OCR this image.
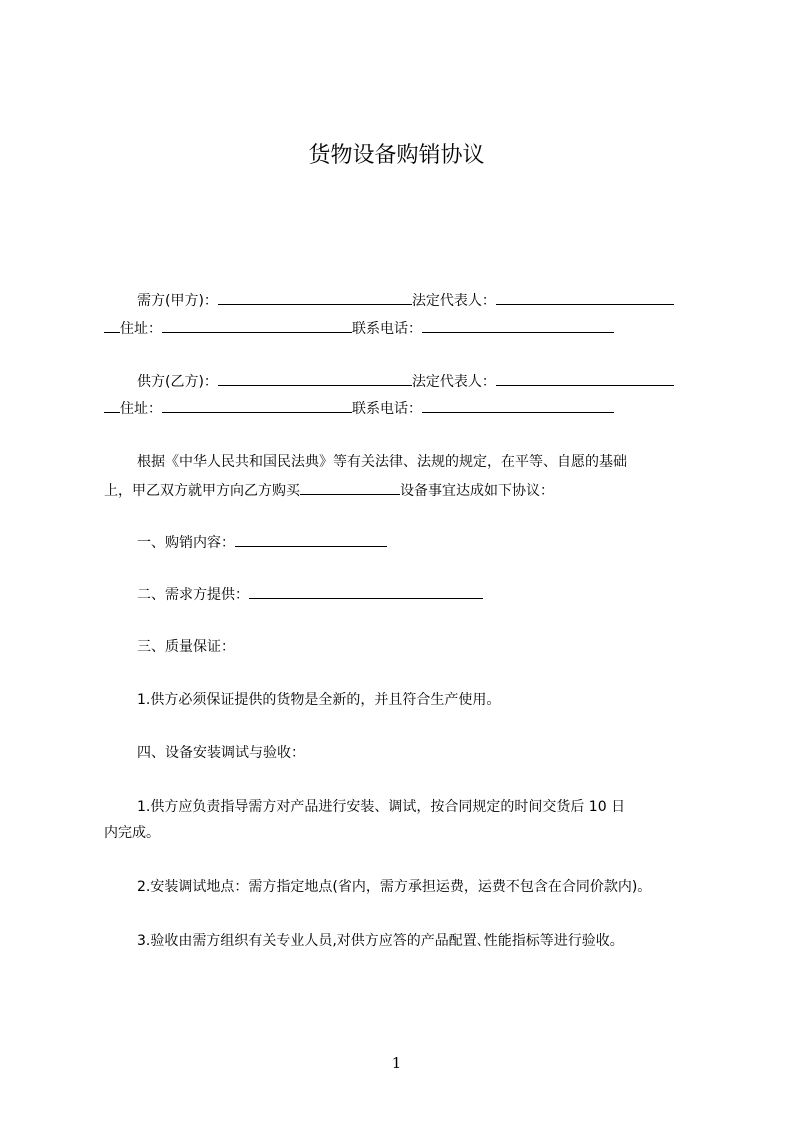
货物设备购销协议
需方(甲方)：	法定代表人：
住址：	联系电话：
供方(乙方)：	法定代表人：
住址：	联系电话：
根据《中华人民共和国民法典》等有关法律、法规的规定，在平等、自愿的基础
上，甲乙双方就甲方向乙方购买	设备事宜达成如下协议：
一、购销内容：
二、需求方提供：
三、质量保证：
1.供方必须保证提供的货物是全新的，并且符合生产使用。
四、设备安装调试与验收：
1.供方应负责指导需方对产品进行安装、调试，按合同规定的时间交货后 10 日
内完成。
2.安装调试地点：需方指定地点(省内，需方承担运费，运费不包含在合同价款内)。
3.验收由需方组织有关专业人员,对供方应答的产品配置､性能指标等进行验收。
1
